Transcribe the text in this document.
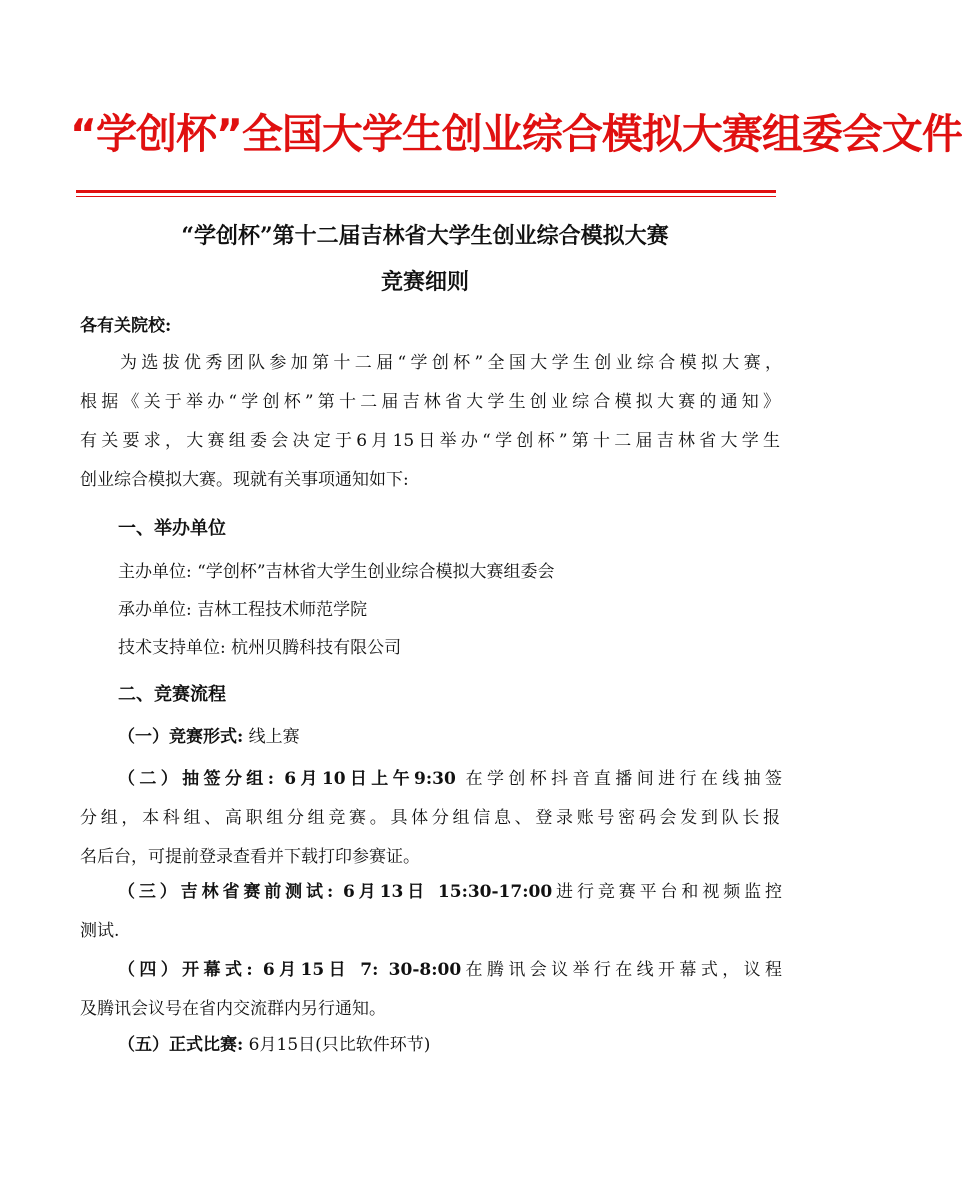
“学创杯”全国大学生创业综合模拟大赛组委会文件
“学创杯”第十二届吉林省大学生创业综合模拟大赛
竞赛细则
各有关院校:
为选拔优秀团队参加第十二届“学创杯”全国大学生创业综合模拟大赛，
根据《关于举办“学创杯”第十二届吉林省大学生创业综合模拟大赛的通知》
有关要求，大赛组委会决定于6月15日举办“学创杯”第十二届吉林省大学生
创业综合模拟大赛。现就有关事项通知如下:
一、举办单位
主办单位: “学创杯”吉林省大学生创业综合模拟大赛组委会
承办单位: 吉林工程技术师范学院
技术支持单位: 杭州贝腾科技有限公司
二、竞赛流程
（一）竞赛形式: 线上赛
（二）抽签分组: 6月10日上午9:30 在学创杯抖音直播间进行在线抽签
分组，本科组、高职组分组竞赛。具体分组信息、登录账号密码会发到队长报
名后台，可提前登录查看并下载打印参赛证。
（三）吉林省赛前测试: 6月13日 15:30-17:00进行竞赛平台和视频监控
测试.
（四）开幕式: 6月15日 7: 30-8:00在腾讯会议举行在线开幕式，议程
及腾讯会议号在省内交流群内另行通知。
（五）正式比赛: 6月15日(只比软件环节)
